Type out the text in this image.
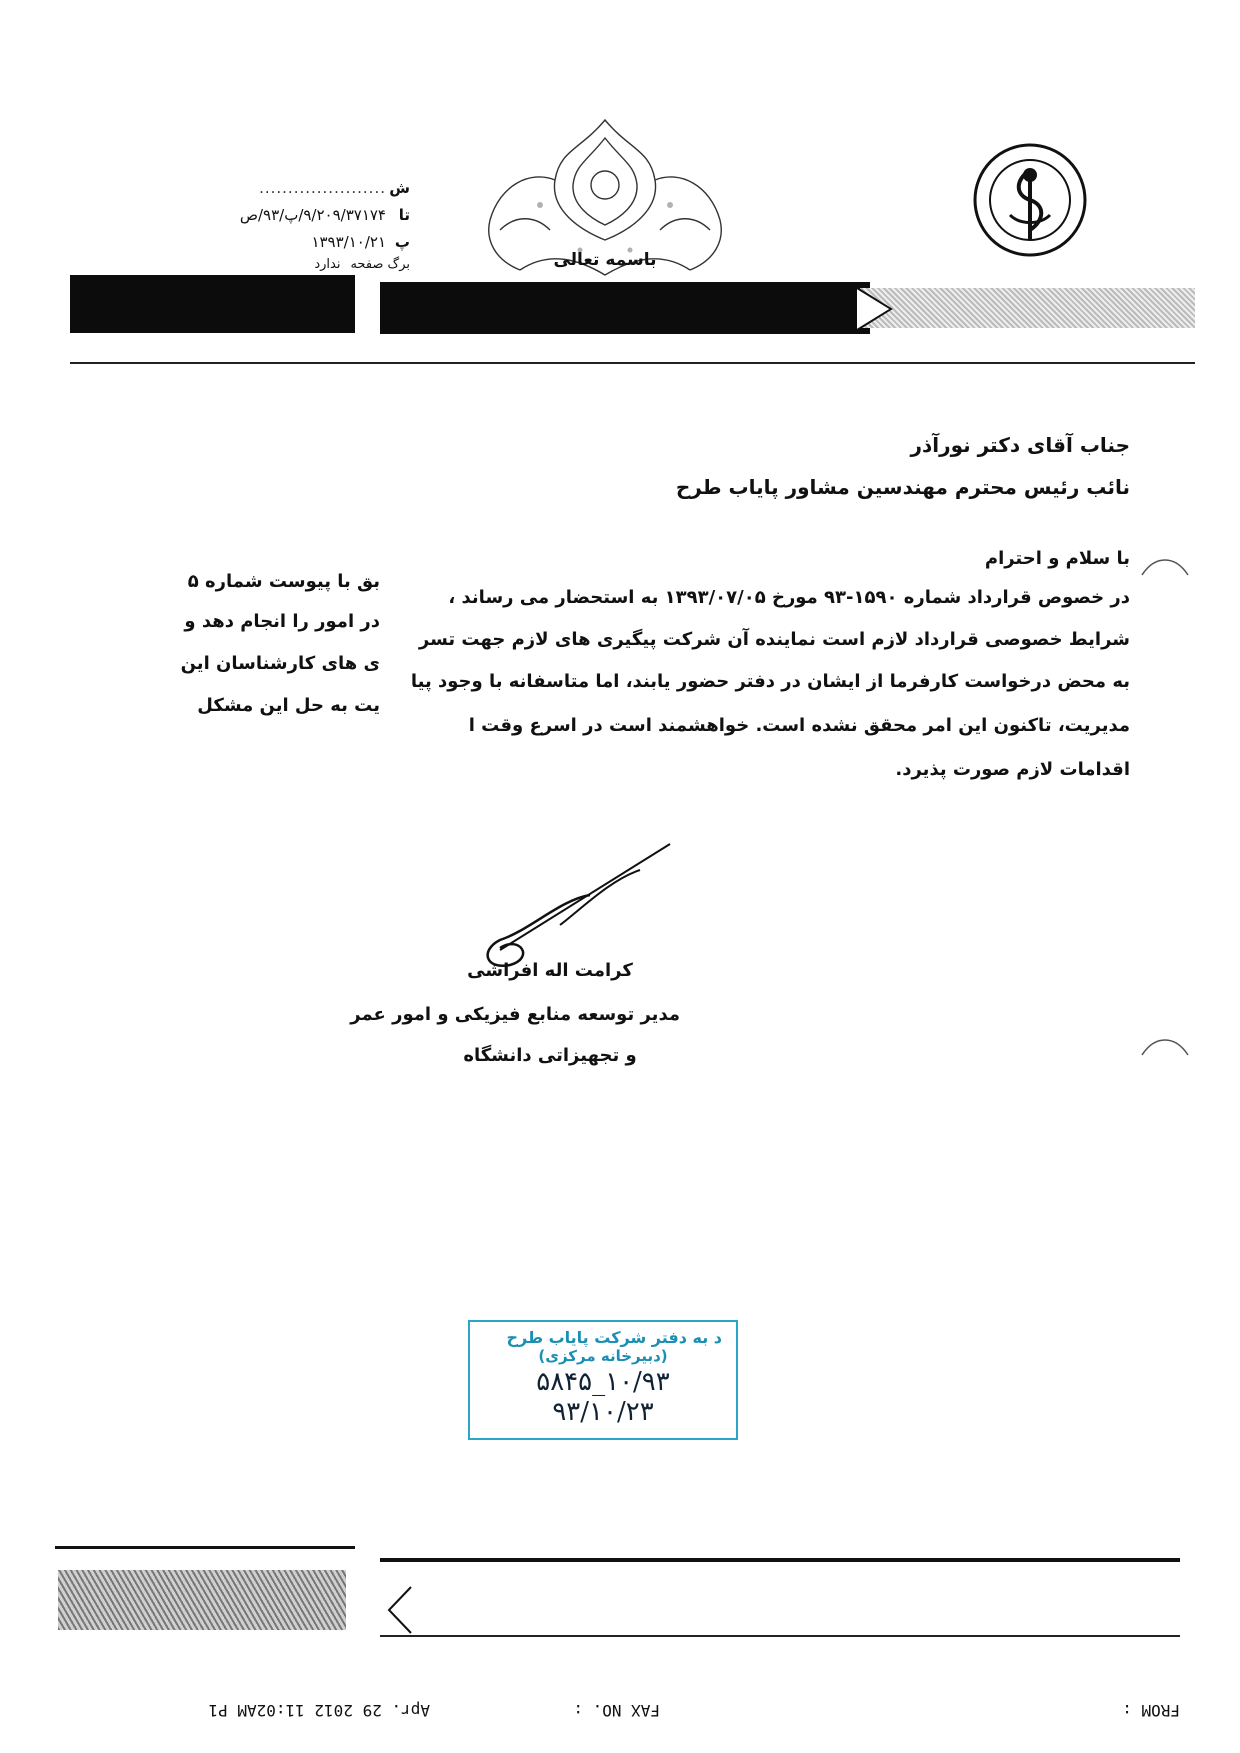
ش
......................
تا
۹/۲۰۹/۳۷۱۷۴/پ/۹۳/ص
پ
۱۳۹۳/۱۰/۲۱
برگ صفحه
ندارد	باسمه تعالی
جناب آقای دکتر نورآذر
نائب رئیس محترم مهندسین مشاور پایاب طرح
با سلام و احترام
در خصوص قرارداد شماره ۱۵۹۰-۹۳ مورخ ۱۳۹۳/۰۷/۰۵ به استحضار می رساند ،
بق با پیوست شماره ۵
شرایط خصوصی قرارداد لازم است نماینده آن شرکت پیگیری های لازم جهت تسر
در امور را انجام دهد و
به محض درخواست کارفرما از ایشان در دفتر حضور یابند، اما متاسفانه با وجود پیا
ی های کارشناسان این
مدیریت، تاکنون این امر محقق نشده است. خواهشمند است در اسرع وقت ا
یت به حل این مشکل
اقدامات لازم صورت پذیرد.
کرامت اله افراشی
مدیر توسعه منابع فیزیکی و امور عمر
و تجهیزاتی دانشگاه
د به دفتر شرکت پایاب طرح
(دبیرخانه مرکزی)
۱۰/۹۳_۵۸۴۵
۹۳/۱۰/۲۳
FROM :
FAX NO. :
Apr. 29 2012 11:02AM P1
